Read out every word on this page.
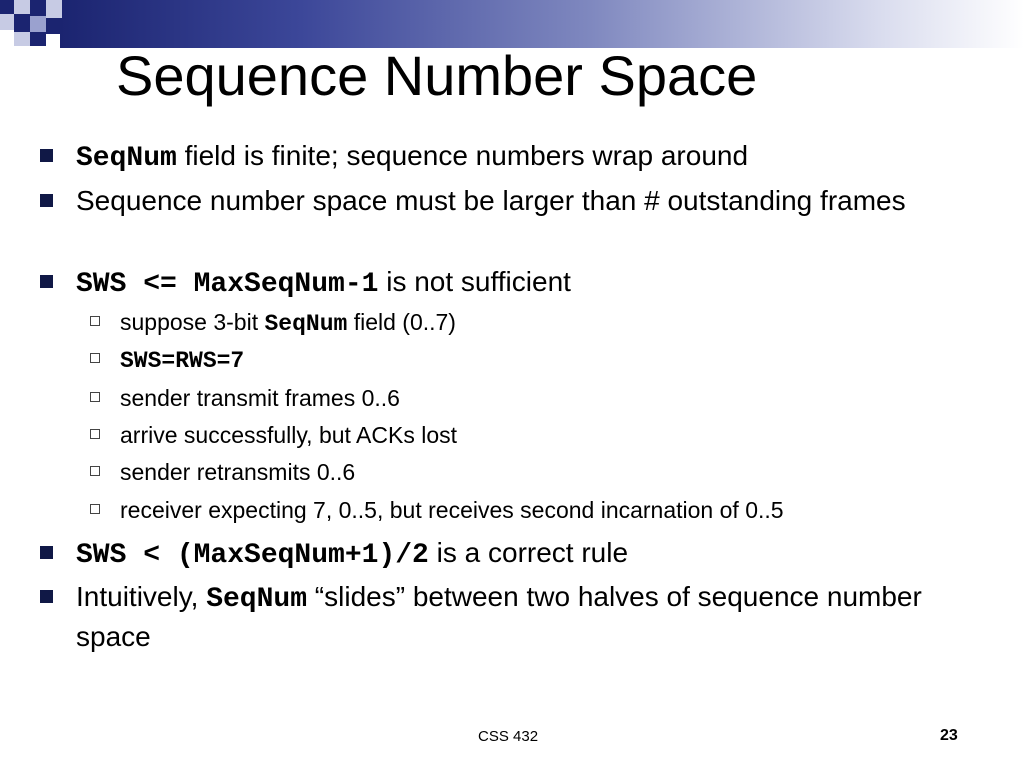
Sequence Number Space
SeqNum field is finite; sequence numbers wrap around
Sequence number space must be larger than # outstanding frames
SWS <= MaxSeqNum-1 is not sufficient
suppose 3-bit SeqNum field (0..7)
SWS=RWS=7
sender transmit frames 0..6
arrive successfully, but ACKs lost
sender retransmits 0..6
receiver expecting 7, 0..5, but receives second incarnation of 0..5
SWS < (MaxSeqNum+1)/2 is a correct rule
Intuitively, SeqNum “slides” between two halves of sequence number space
CSS 432	23
